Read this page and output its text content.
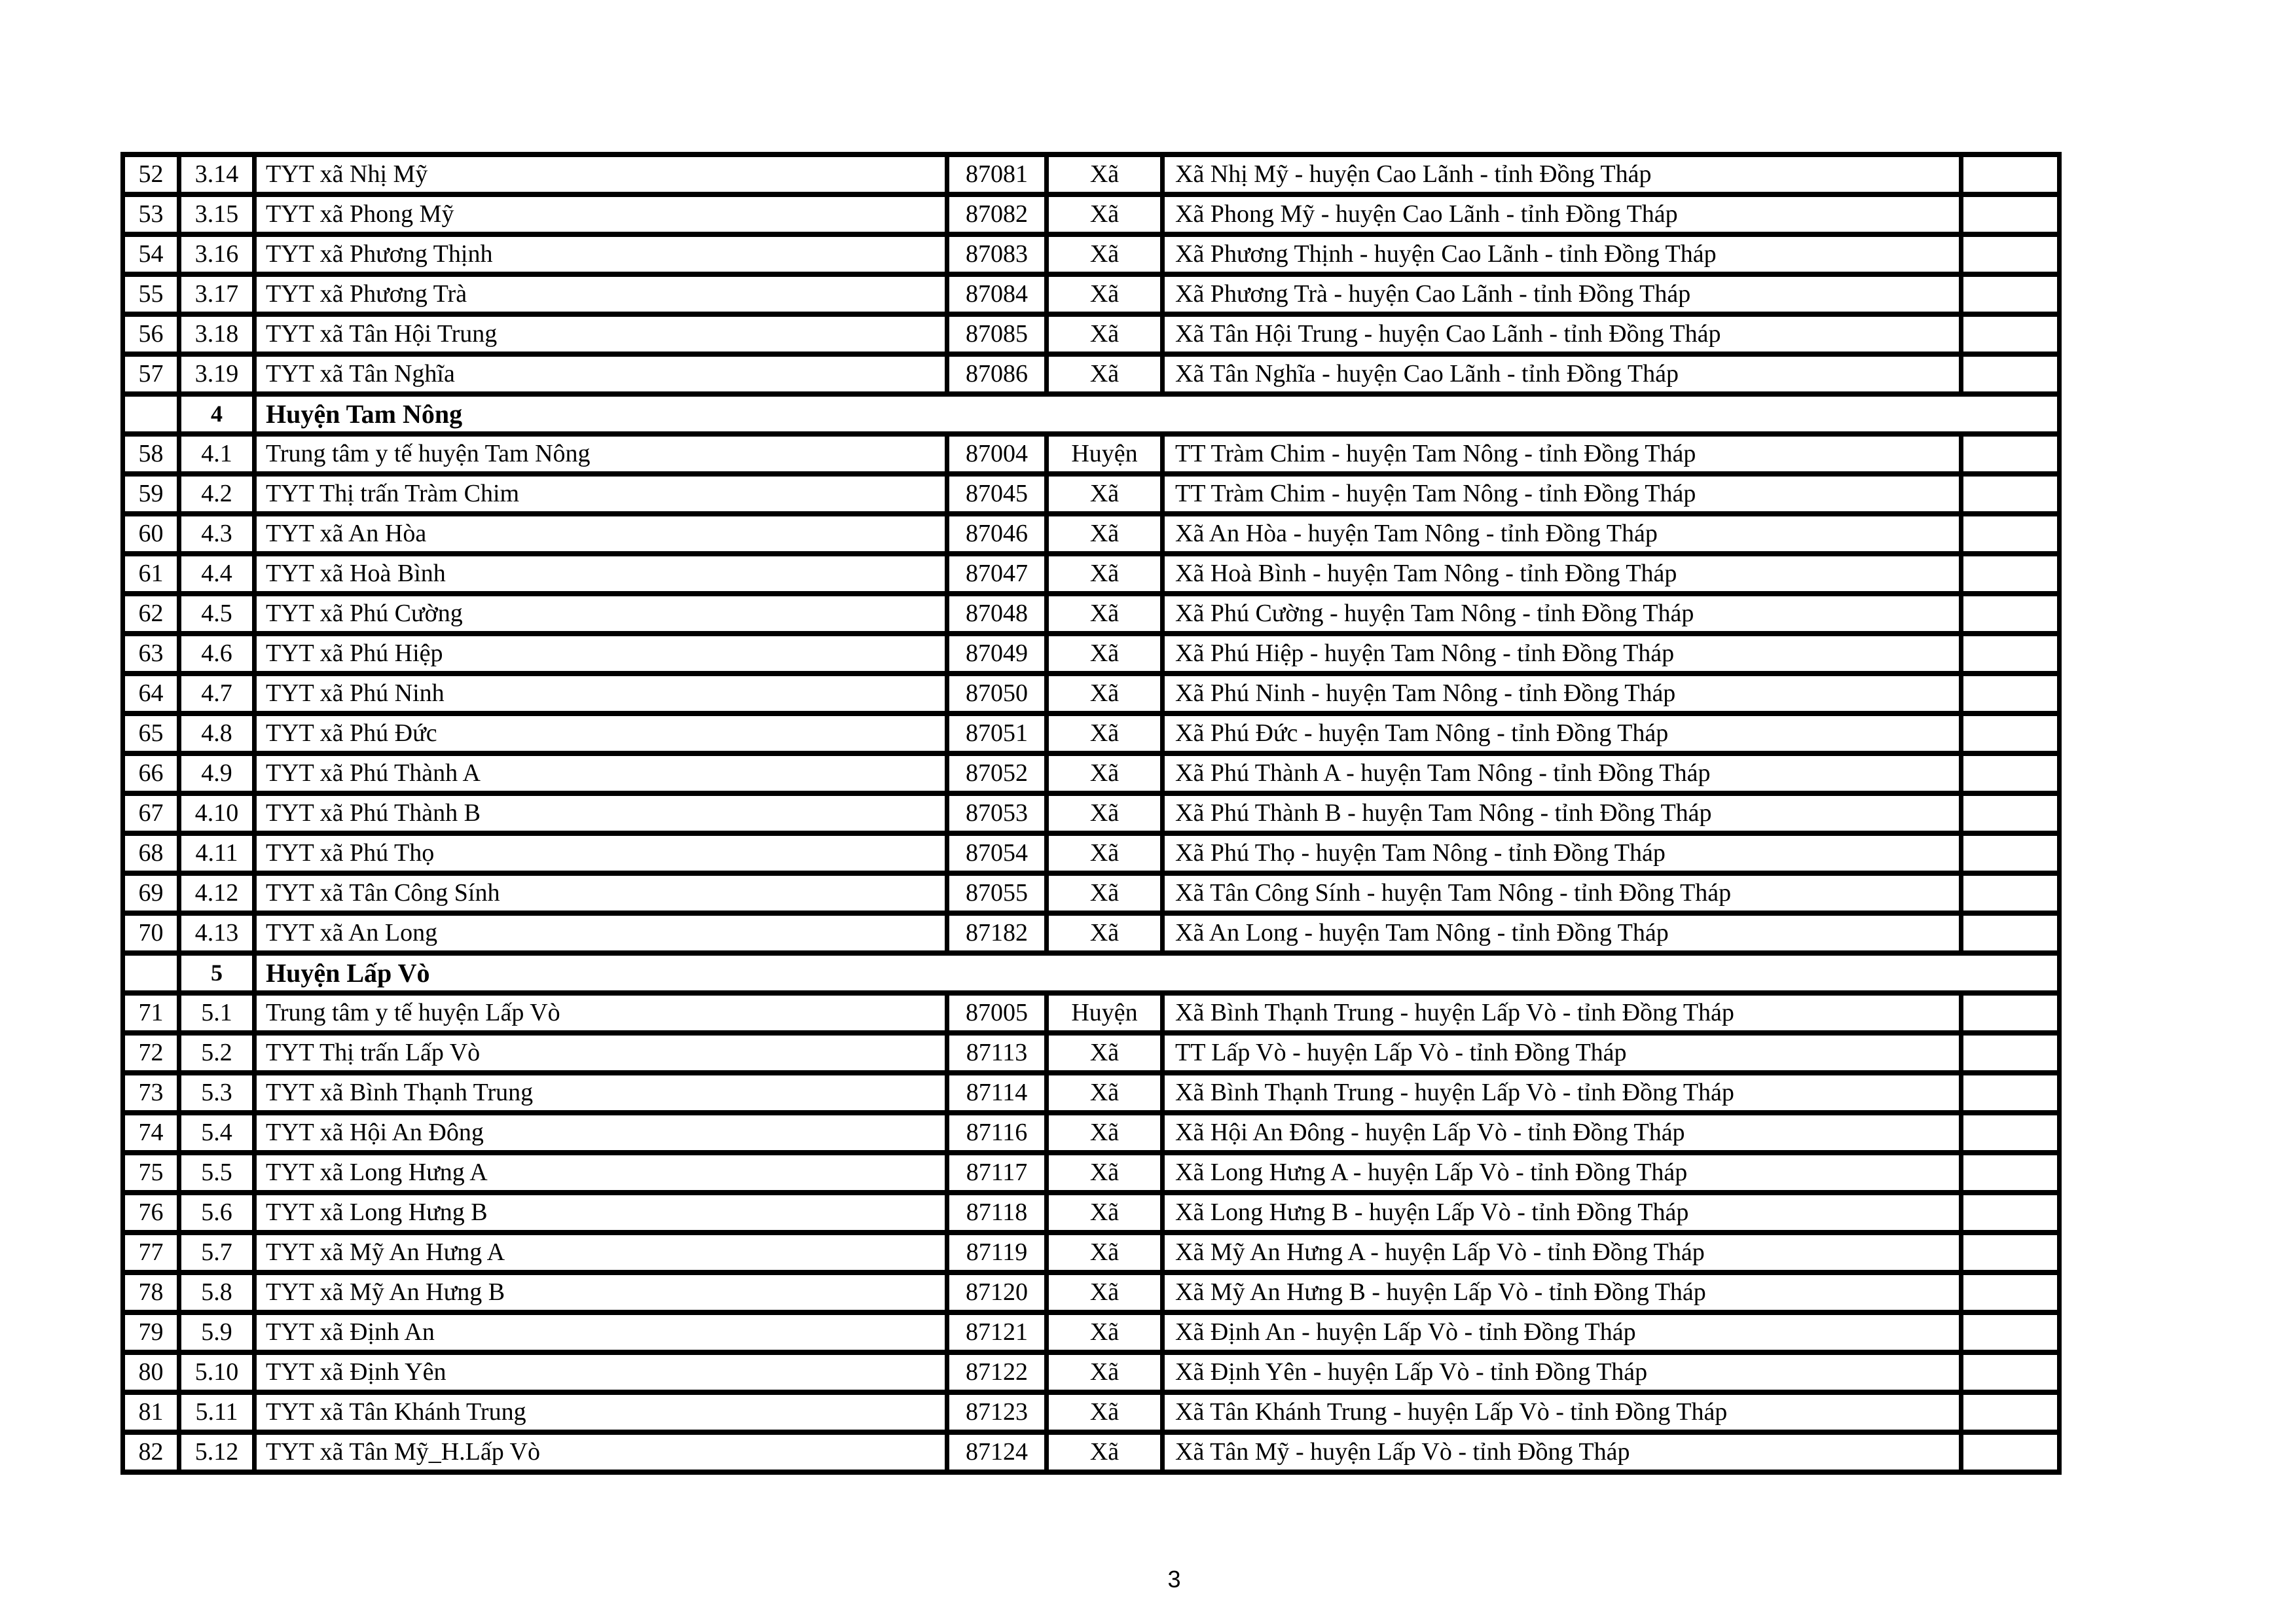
52	3.14	TYT xã Nhị Mỹ	87081	Xã	Xã Nhị Mỹ - huyện Cao Lãnh - tỉnh Đồng Tháp	
53	3.15	TYT xã Phong Mỹ	87082	Xã	Xã Phong Mỹ - huyện Cao Lãnh - tỉnh Đồng Tháp	
54	3.16	TYT xã Phương Thịnh	87083	Xã	Xã Phương Thịnh - huyện Cao Lãnh - tỉnh Đồng Tháp	
55	3.17	TYT xã Phương Trà	87084	Xã	Xã Phương Trà - huyện Cao Lãnh - tỉnh Đồng Tháp	
56	3.18	TYT xã Tân Hội Trung	87085	Xã	Xã Tân Hội Trung - huyện Cao Lãnh - tỉnh Đồng Tháp	
57	3.19	TYT xã Tân Nghĩa	87086	Xã	Xã Tân Nghĩa - huyện Cao Lãnh - tỉnh Đồng Tháp	
	4	Huyện Tam Nông				
58	4.1	Trung tâm y tế huyện Tam Nông	87004	Huyện	TT Tràm Chim - huyện Tam Nông - tỉnh Đồng Tháp	
59	4.2	TYT Thị trấn Tràm Chim	87045	Xã	TT Tràm Chim - huyện Tam Nông - tỉnh Đồng Tháp	
60	4.3	TYT xã An Hòa	87046	Xã	Xã An Hòa - huyện Tam Nông - tỉnh Đồng Tháp	
61	4.4	TYT xã Hoà Bình	87047	Xã	Xã Hoà Bình - huyện Tam Nông - tỉnh Đồng Tháp	
62	4.5	TYT xã Phú Cường	87048	Xã	Xã Phú Cường - huyện Tam Nông - tỉnh Đồng Tháp	
63	4.6	TYT xã Phú Hiệp	87049	Xã	Xã Phú Hiệp - huyện Tam Nông - tỉnh Đồng Tháp	
64	4.7	TYT xã Phú Ninh	87050	Xã	Xã Phú Ninh - huyện Tam Nông - tỉnh Đồng Tháp	
65	4.8	TYT xã Phú Đức	87051	Xã	Xã Phú Đức - huyện Tam Nông - tỉnh Đồng Tháp	
66	4.9	TYT xã Phú Thành A	87052	Xã	Xã Phú Thành A - huyện Tam Nông - tỉnh Đồng Tháp	
67	4.10	TYT xã Phú Thành B	87053	Xã	Xã Phú Thành B - huyện Tam Nông - tỉnh Đồng Tháp	
68	4.11	TYT xã Phú Thọ	87054	Xã	Xã Phú Thọ - huyện Tam Nông - tỉnh Đồng Tháp	
69	4.12	TYT xã Tân Công Sính	87055	Xã	Xã Tân Công Sính - huyện Tam Nông - tỉnh Đồng Tháp	
70	4.13	TYT xã An Long	87182	Xã	Xã An Long - huyện Tam Nông - tỉnh Đồng Tháp	
	5	Huyện Lấp Vò				
71	5.1	Trung tâm y tế huyện Lấp Vò	87005	Huyện	Xã Bình Thạnh Trung - huyện Lấp Vò - tỉnh Đồng Tháp	
72	5.2	TYT Thị trấn Lấp Vò	87113	Xã	TT Lấp Vò - huyện Lấp Vò - tỉnh Đồng Tháp	
73	5.3	TYT xã Bình Thạnh Trung	87114	Xã	Xã Bình Thạnh Trung - huyện Lấp Vò - tỉnh Đồng Tháp	
74	5.4	TYT xã Hội An Đông	87116	Xã	Xã Hội An Đông - huyện Lấp Vò - tỉnh Đồng Tháp	
75	5.5	TYT xã Long Hưng A	87117	Xã	Xã Long Hưng A - huyện Lấp Vò - tỉnh Đồng Tháp	
76	5.6	TYT xã Long Hưng B	87118	Xã	Xã Long Hưng B - huyện Lấp Vò - tỉnh Đồng Tháp	
77	5.7	TYT xã Mỹ An Hưng A	87119	Xã	Xã Mỹ An Hưng A - huyện Lấp Vò - tỉnh Đồng Tháp	
78	5.8	TYT xã Mỹ An Hưng B	87120	Xã	Xã Mỹ An Hưng B - huyện Lấp Vò - tỉnh Đồng Tháp	
79	5.9	TYT xã Định An	87121	Xã	Xã Định An - huyện Lấp Vò - tỉnh Đồng Tháp	
80	5.10	TYT xã Định Yên	87122	Xã	Xã Định Yên - huyện Lấp Vò - tỉnh Đồng Tháp	
81	5.11	TYT xã Tân Khánh Trung	87123	Xã	Xã Tân Khánh Trung - huyện Lấp Vò - tỉnh Đồng Tháp	
82	5.12	TYT xã Tân Mỹ_H.Lấp Vò	87124	Xã	Xã Tân Mỹ - huyện Lấp Vò - tỉnh Đồng Tháp	
3
